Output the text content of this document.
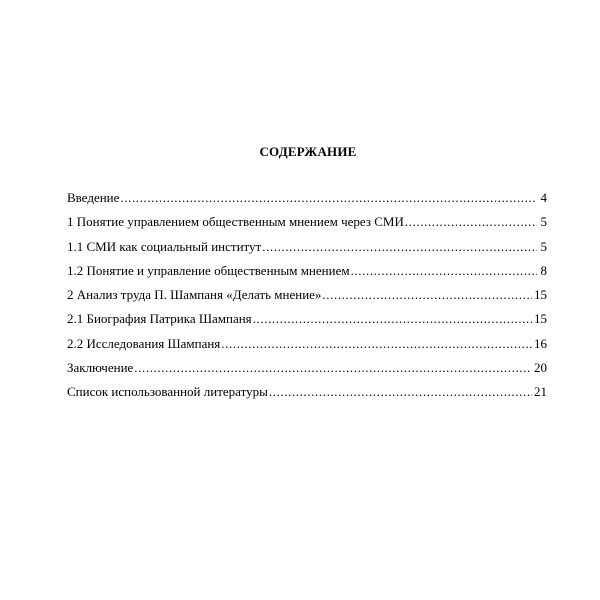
СОДЕРЖАНИЕ
Введение .....	4
1 Понятие управлением общественным мнением через СМИ .....	5
1.1 СМИ как социальный институт .....	5
1.2 Понятие и управление общественным мнением .....	8
2 Анализ труда П. Шампаня «Делать мнение» .....	15
2.1 Биография Патрика Шампаня .....	15
2.2 Исследования Шампаня .....	16
Заключение .....	20
Список использованной литературы .....	21
